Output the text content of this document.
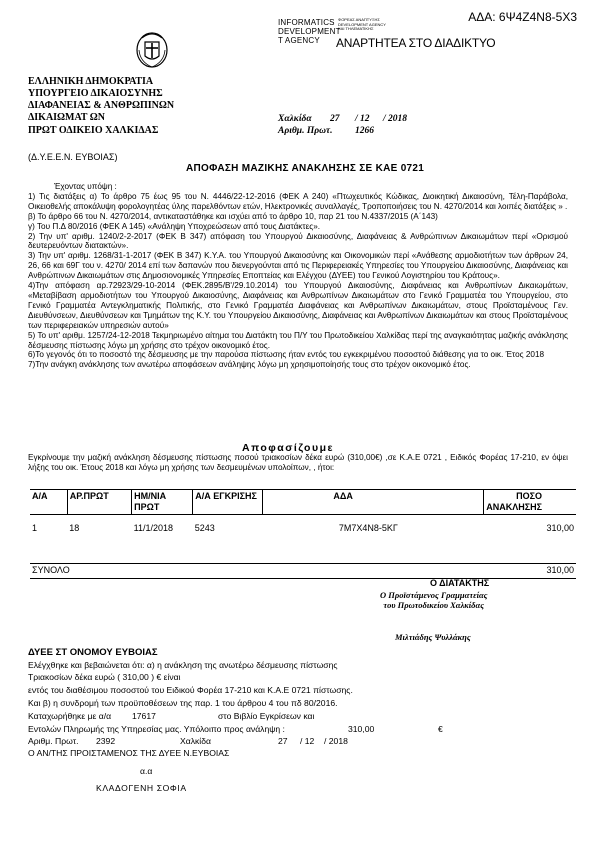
ΑΔΑ: 6Ψ4Ζ4Ν8-5Χ3
INFORMATICS
DEVELOPMENT
T AGENCY
ΦΟΡΕΑΣ ΑΝΑΠΤΥΞΗΣ
DEVELOPMENT AGENCY
ΚΑΙ ΤΗΛΕΜΑΤΙΚΗΣ
ΑΝΑΡΤΗΤΕΑ ΣΤΟ ΔΙΑΔΙΚΤΥΟ
ΕΛΛΗΝΙΚΗ ΔΗΜΟΚΡΑΤΙΑ
ΥΠΟΥΡΓΕΙΟ ΔΙΚΑΙΟΣΥΝΗΣ
ΔΙΑΦΑΝΕΙΑΣ & ΑΝΘΡΩΠΙΝΩΝ
ΔΙΚΑΙΩΜΑΤ ΩΝ
ΠΡΩΤ ΟΔΙΚΕΙΟ ΧΑΛΚΙΔΑΣ
Χαλκίδα 27 / 12 / 2018
Αριθμ. Πρωτ. 1266
(Δ.Υ.Ε.Ε.Ν. ΕΥΒΟΙΑΣ)
ΑΠΟΦΑΣΗ ΜΑΖΙΚΗΣ ΑΝΑΚΛΗΣΗΣ ΣΕ ΚΑΕ 0721

Έχοντας υπόψη :

1) Τις διατάξεις α) Το άρθρο 75 έως 95 του Ν. 4446/22-12-2016 (ΦΕΚ Α 240) «Πτωχευτικός Κώδικας, Διοικητική Δικαιοσύνη, Τέλη-Παράβολα, Οικειοθελής αποκάλυψη φορολογητέας ύλης παρελθόντων ετών, Ηλεκτρονικές συναλλαγές, Τροποποιήσεις του Ν. 4270/2014 και λοιπές διατάξεις » .

β) Το άρθρο 66 του Ν. 4270/2014, αντικαταστάθηκε και ισχύει από το άρθρο 10, παρ 21 του Ν.4337/2015 (Α΄143)

γ) Του Π.Δ 80/2016 (ΦΕΚ Α 145) «Ανάληψη Υποχρεώσεων από τους Διατάκτες».

2) Την υπ' αριθμ. 1240/2-2-2017 (ΦΕΚ Β 347) απόφαση του Υπουργού Δικαιοσύνης, Διαφάνειας & Ανθρώπινων Δικαιωμάτων περί «Ορισμού δευτερευόντων διατακτών».

3) Την υπ' αριθμ. 1268/31-1-2017 (ΦΕΚ Β 347) Κ.Υ.Α. του Υπουργού Δικαιοσύνης και Οικονομικών περί «Ανάθεσης αρμοδιοτήτων των άρθρων 24, 26, 66 και 69Γ του ν. 4270/ 2014 επί των δαπανών που διενεργούνται από τις Περιφερειακές Υπηρεσίες του Υπουργείου Δικαιοσύνης, Διαφάνειας και Ανθρώπινων Δικαιωμάτων στις Δημοσιονομικές Υπηρεσίες Εποπτείας και Ελέγχου (ΔΥΕΕ) του Γενικού Λογιστηρίου του Κράτους».

4)Την απόφαση αρ.72923/29-10-2014 (ΦΕΚ.2895/Β'/29.10.2014) του Υπουργού Δικαιοσύνης, Διαφάνειας και Ανθρωπίνων Δικαιωμάτων, «Μεταβίβαση αρμοδιοτήτων του Υπουργού Δικαιοσύνης, Διαφάνειας και Ανθρωπίνων Δικαιωμάτων στο Γενικό Γραμματέα του Υπουργείου, στο Γενικό Γραμματέα Αντεγκληματικής Πολιτικής, στο Γενικό Γραμματέα Διαφάνειας και Ανθρωπίνων Δικαιωμάτων, στους Προϊσταμένους Γεν. Διευθύνσεων, Διευθύνσεων και Τμημάτων της Κ.Υ. του Υπουργείου Δικαιοσύνης, Διαφάνειας και Ανθρωπίνων Δικαιωμάτων και στους Προϊσταμένους των περιφερειακών υπηρεσιών αυτού»

5) Το υπ' αριθμ. 1257/24-12-2018 Τεκμηριωμένο αίτημα του Διατάκτη του Π/Υ του Πρωτοδικείου Χαλκίδας περί της αναγκαιότητας μαζικής ανάκλησης δέσμευσης πίστωσης λόγω μη χρήσης στο τρέχον οικονομικό έτος.

6)Το γεγονός ότι το ποσοστό της δέσμευσης με την παρούσα πίστωσης ήταν εντός του εγκεκριμένου ποσοστού διάθεσης για το οικ. Έτος 2018

7)Την ανάγκη ανάκλησης των ανωτέρω αποφάσεων ανάληψης λόγω μη χρησιμοποίησής τους στο τρέχον οικονομικό έτος.

Αποφασίζουμε

Εγκρίνουμε την μαζική ανάκληση δέσμευσης πίστωσης ποσού τριακοσίων δέκα ευρώ (310,00€) ,σε Κ.Α.Ε 0721 , Ειδικός Φορέας 17-210, εν όψει λήξης του οικ. Έτους 2018 και λόγω μη χρήσης των δεσμευμένων υπολοίπων, , ήτοι:

Α/Α	ΑΡ.ΠΡΩΤ	ΗΜ/ΝΙΑ ΠΡΩΤ	Α/Α ΕΓΚΡΙΣΗΣ	ΑΔΑ	ΠΟΣΟ ΑΝΑΚΛΗΣΗΣ
1	18	11/1/2018	5243	7Μ7Χ4Ν8-5ΚΓ	310,00
ΣΥΝΟΛΟ	310,00
Ο ΔΙΑΤΑΚΤΗΣ
Ο Προϊστάμενος Γραμματείας
του Πρωτοδικείου Χαλκίδας
Μιλτιάδης Ψυλλάκης
ΔΥΕΕ ΣΤ ΟΝΟΜΟΥ ΕΥΒΟΙΑΣ
Ελέγχθηκε και βεβαιώνεται ότι: α) η ανάκληση της ανωτέρω δέσμευσης πίστωσης
Τριακοσίων δέκα ευρώ ( 310,00 ) € είναι
εντός του διαθέσιμου ποσοστού του Ειδικού Φορέα 17-210 και Κ.Α.Ε 0721 πίστωσης.
Και β) η συνδρομή των προϋποθέσεων της παρ. 1 του άρθρου 4 του πδ 80/2016.
Καταχωρήθηκε με α/α 17617	στο Βιβλίο Εγκρίσεων και
Εντολών Πληρωμής της Υπηρεσίας μας. Υπόλοιπο προς ανάληψη :	310,00	€
Αριθμ. Πρωτ. 2392	Χαλκίδα	27 / 12 / 2018
Ο ΑΝ/ΤΗΣ ΠΡΟΙΣΤΑΜΕΝΟΣ ΤΗΣ ΔΥΕΕ Ν.ΕΥΒΟΙΑΣ
α.α
ΚΛΑΔΟΓΕΝΗ ΣΟΦΙΑ
